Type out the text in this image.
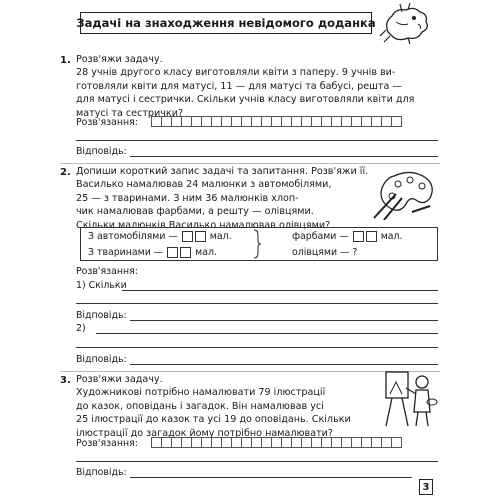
Задачі на знаходження невідомого доданка
1. Розв'яжи задачу.
28 учнів другого класу виготовляли квіти з паперу. 9 учнів ви-
готовляли квіти для матусі, 11 — для матусі та бабусі, решта —
для матусі і сестрички. Скільки учнів класу виготовляли квіти для
матусі та сестрички?
Розв'язання:
Відповідь:
2. Допиши короткий запис задачі та запитання. Розв'яжи її.
Василько намалював 24 малюнки з автомобілями,
25 — з тваринами. З ним 36 малюнків хлоп-
чик намалював фарбами, а решту — олівцями.
Скільки малюнків Василько намалював олівцями?
З автомобілями —	мал.
З тваринами —	мал.
фарбами —	мал.
олівцями — ?
Розв'язання:
1) Скільки
Відповідь:
2)
Відповідь:
3. Розв'яжи задачу.
Художникові потрібно намалювати 79 ілюстрації
до казок, оповідань і загадок. Він намалював усі
25 ілюстрації до казок та усі 19 до оповідань. Скільки
ілюстрації до загадок йому потрібно намалювати?
Розв'язання:
Відповідь:
3
